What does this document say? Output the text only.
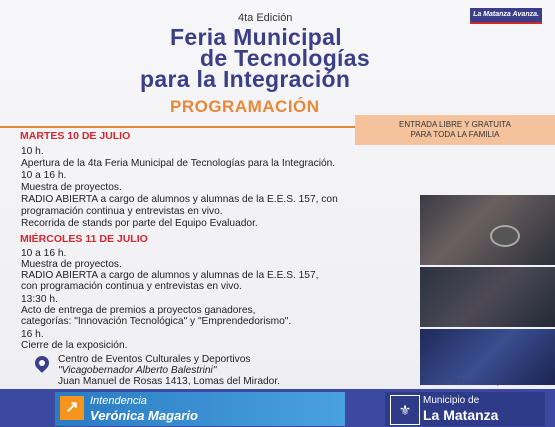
La Matanza Avanza.
4ta Edición
Feria Municipal
de Tecnologías
para la Integración
PROGRAMACIÓN
ENTRADA LIBRE Y GRATUITA
PARA TODA LA FAMILIA
MARTES 10 DE JULIO
10 h.
Apertura de la 4ta Feria Municipal de Tecnologías para la Integración.
10 a 16 h.
Muestra de proyectos.
RADIO ABIERTA a cargo de alumnos y alumnas de la E.E.S. 157, con
programación continua y entrevistas en vivo.
Recorrida de stands por parte del Equipo Evaluador.
MIÉRCOLES 11 DE JULIO
10 a 16 h.
Muestra de proyectos.
RADIO ABIERTA a cargo de alumnos y alumnas de la E.E.S. 157,
con programación continua y entrevistas en vivo.
13:30 h.
Acto de entrega de premios a proyectos ganadores,
categorías: "Innovación Tecnológica" y "Emprendedorismo".
16 h.
Cierre de la exposición.
Centro de Eventos Culturales y Deportivos
"Vicagobernador Alberto Balestrini"
Juan Manuel de Rosas 1413, Lomas del Mirador.	@EducacionCyT
↗	Intendencia
Verónica Magario	⚜
Municipio de
La Matanza
